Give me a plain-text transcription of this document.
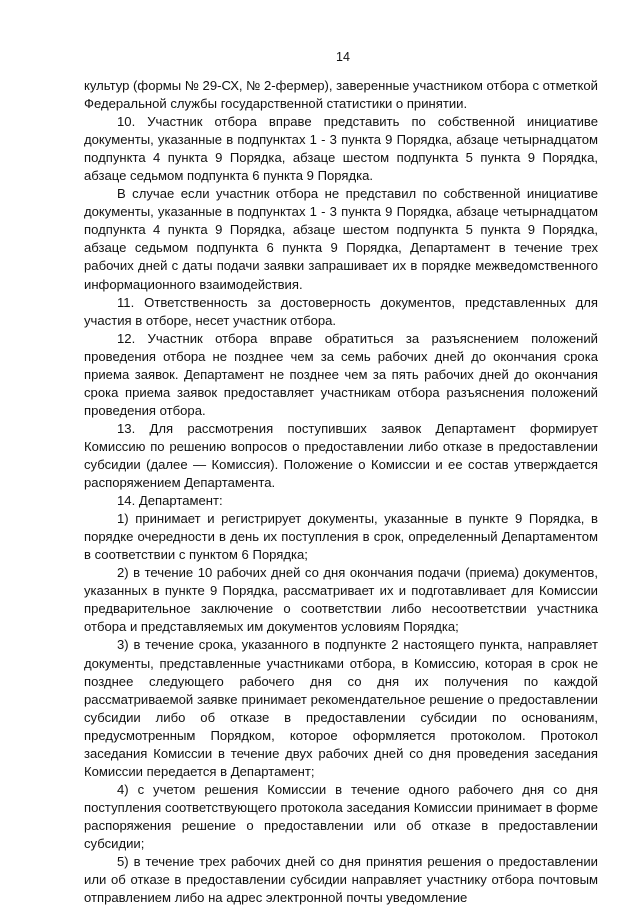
14

культур (формы № 29-СХ, № 2-фермер), заверенные участником отбора с отметкой Федеральной службы государственной статистики о принятии.

10. Участник отбора вправе представить по собственной инициативе документы, указанные в подпунктах 1 - 3 пункта 9 Порядка, абзаце четырнадцатом подпункта 4 пункта 9 Порядка, абзаце шестом подпункта 5 пункта 9 Порядка, абзаце седьмом подпункта 6 пункта 9 Порядка.

В случае если участник отбора не представил по собственной инициативе документы, указанные в подпунктах 1 - 3 пункта 9 Порядка, абзаце четырнадцатом подпункта 4 пункта 9 Порядка, абзаце шестом подпункта 5 пункта 9 Порядка, абзаце седьмом подпункта 6 пункта 9 Порядка, Департамент в течение трех рабочих дней с даты подачи заявки запрашивает их в порядке межведомственного информационного взаимодействия.

11. Ответственность за достоверность документов, представленных для участия в отборе, несет участник отбора.

12. Участник отбора вправе обратиться за разъяснением положений проведения отбора не позднее чем за семь рабочих дней до окончания срока приема заявок. Департамент не позднее чем за пять рабочих дней до окончания срока приема заявок предоставляет участникам отбора разъяснения положений проведения отбора.

13. Для рассмотрения поступивших заявок Департамент формирует Комиссию по решению вопросов о предоставлении либо отказе в предоставлении субсидии (далее — Комиссия). Положение о Комиссии и ее состав утверждается распоряжением Департамента.

14. Департамент:

1) принимает и регистрирует документы, указанные в пункте 9 Порядка, в порядке очередности в день их поступления в срок, определенный Департаментом в соответствии с пунктом 6 Порядка;

2) в течение 10 рабочих дней со дня окончания подачи (приема) документов, указанных в пункте 9 Порядка, рассматривает их и подготавливает для Комиссии предварительное заключение о соответствии либо несоответствии участника отбора и представляемых им документов условиям Порядка;

3) в течение срока, указанного в подпункте 2 настоящего пункта, направляет документы, представленные участниками отбора, в Комиссию, которая в срок не позднее следующего рабочего дня со дня их получения по каждой рассматриваемой заявке принимает рекомендательное решение о предоставлении субсидии либо об отказе в предоставлении субсидии по основаниям, предусмотренным Порядком, которое оформляется протоколом. Протокол заседания Комиссии в течение двух рабочих дней со дня проведения заседания Комиссии передается в Департамент;

4) с учетом решения Комиссии в течение одного рабочего дня со дня поступления соответствующего протокола заседания Комиссии принимает в форме распоряжения решение о предоставлении или об отказе в предоставлении субсидии;

5) в течение трех рабочих дней со дня принятия решения о предоставлении или об отказе в предоставлении субсидии направляет участнику отбора почтовым отправлением либо на адрес электронной почты уведомление
